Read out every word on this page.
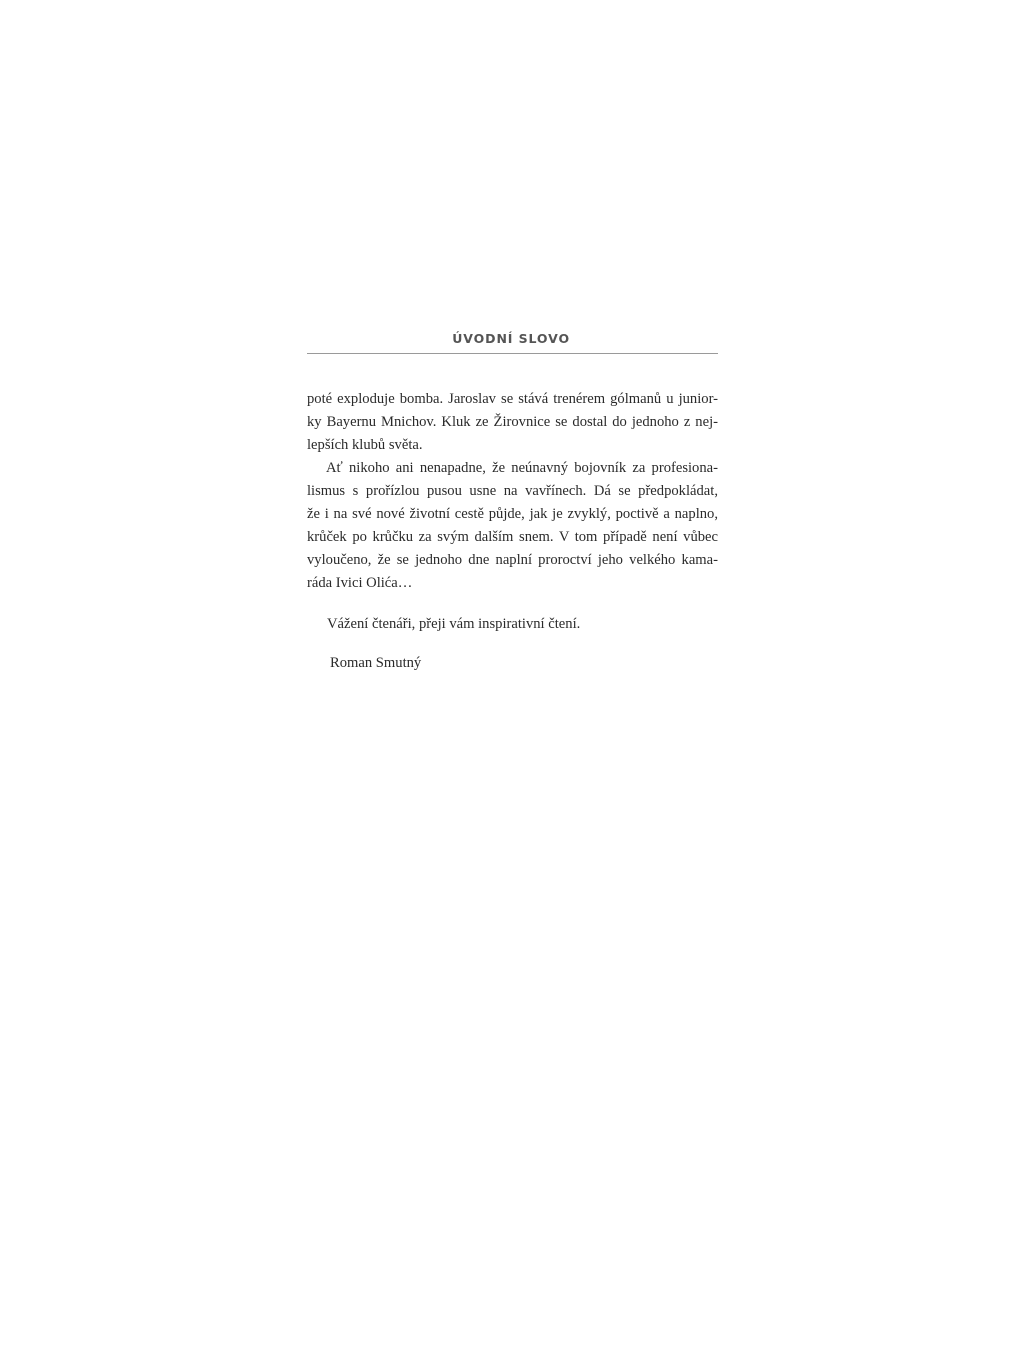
ÚVODNÍ SLOVO

poté exploduje bomba. Jaroslav se stává trenérem gólmanů u junior-
ky Bayernu Mnichov. Kluk ze Žirovnice se dostal do jednoho z nej-
lepších klubů světa.

Ať nikoho ani nenapadne, že neúnavný bojovník za profesiona-
lismus s prořízlou pusou usne na vavřínech. Dá se předpokládat,
že i na své nové životní cestě půjde, jak je zvyklý, poctivě a naplno,
krůček po krůčku za svým dalším snem. V tom případě není vůbec
vyloučeno, že se jednoho dne naplní proroctví jeho velkého kama-
ráda Ivici Olića…

Vážení čtenáři, přeji vám inspirativní čtení.

Roman Smutný
